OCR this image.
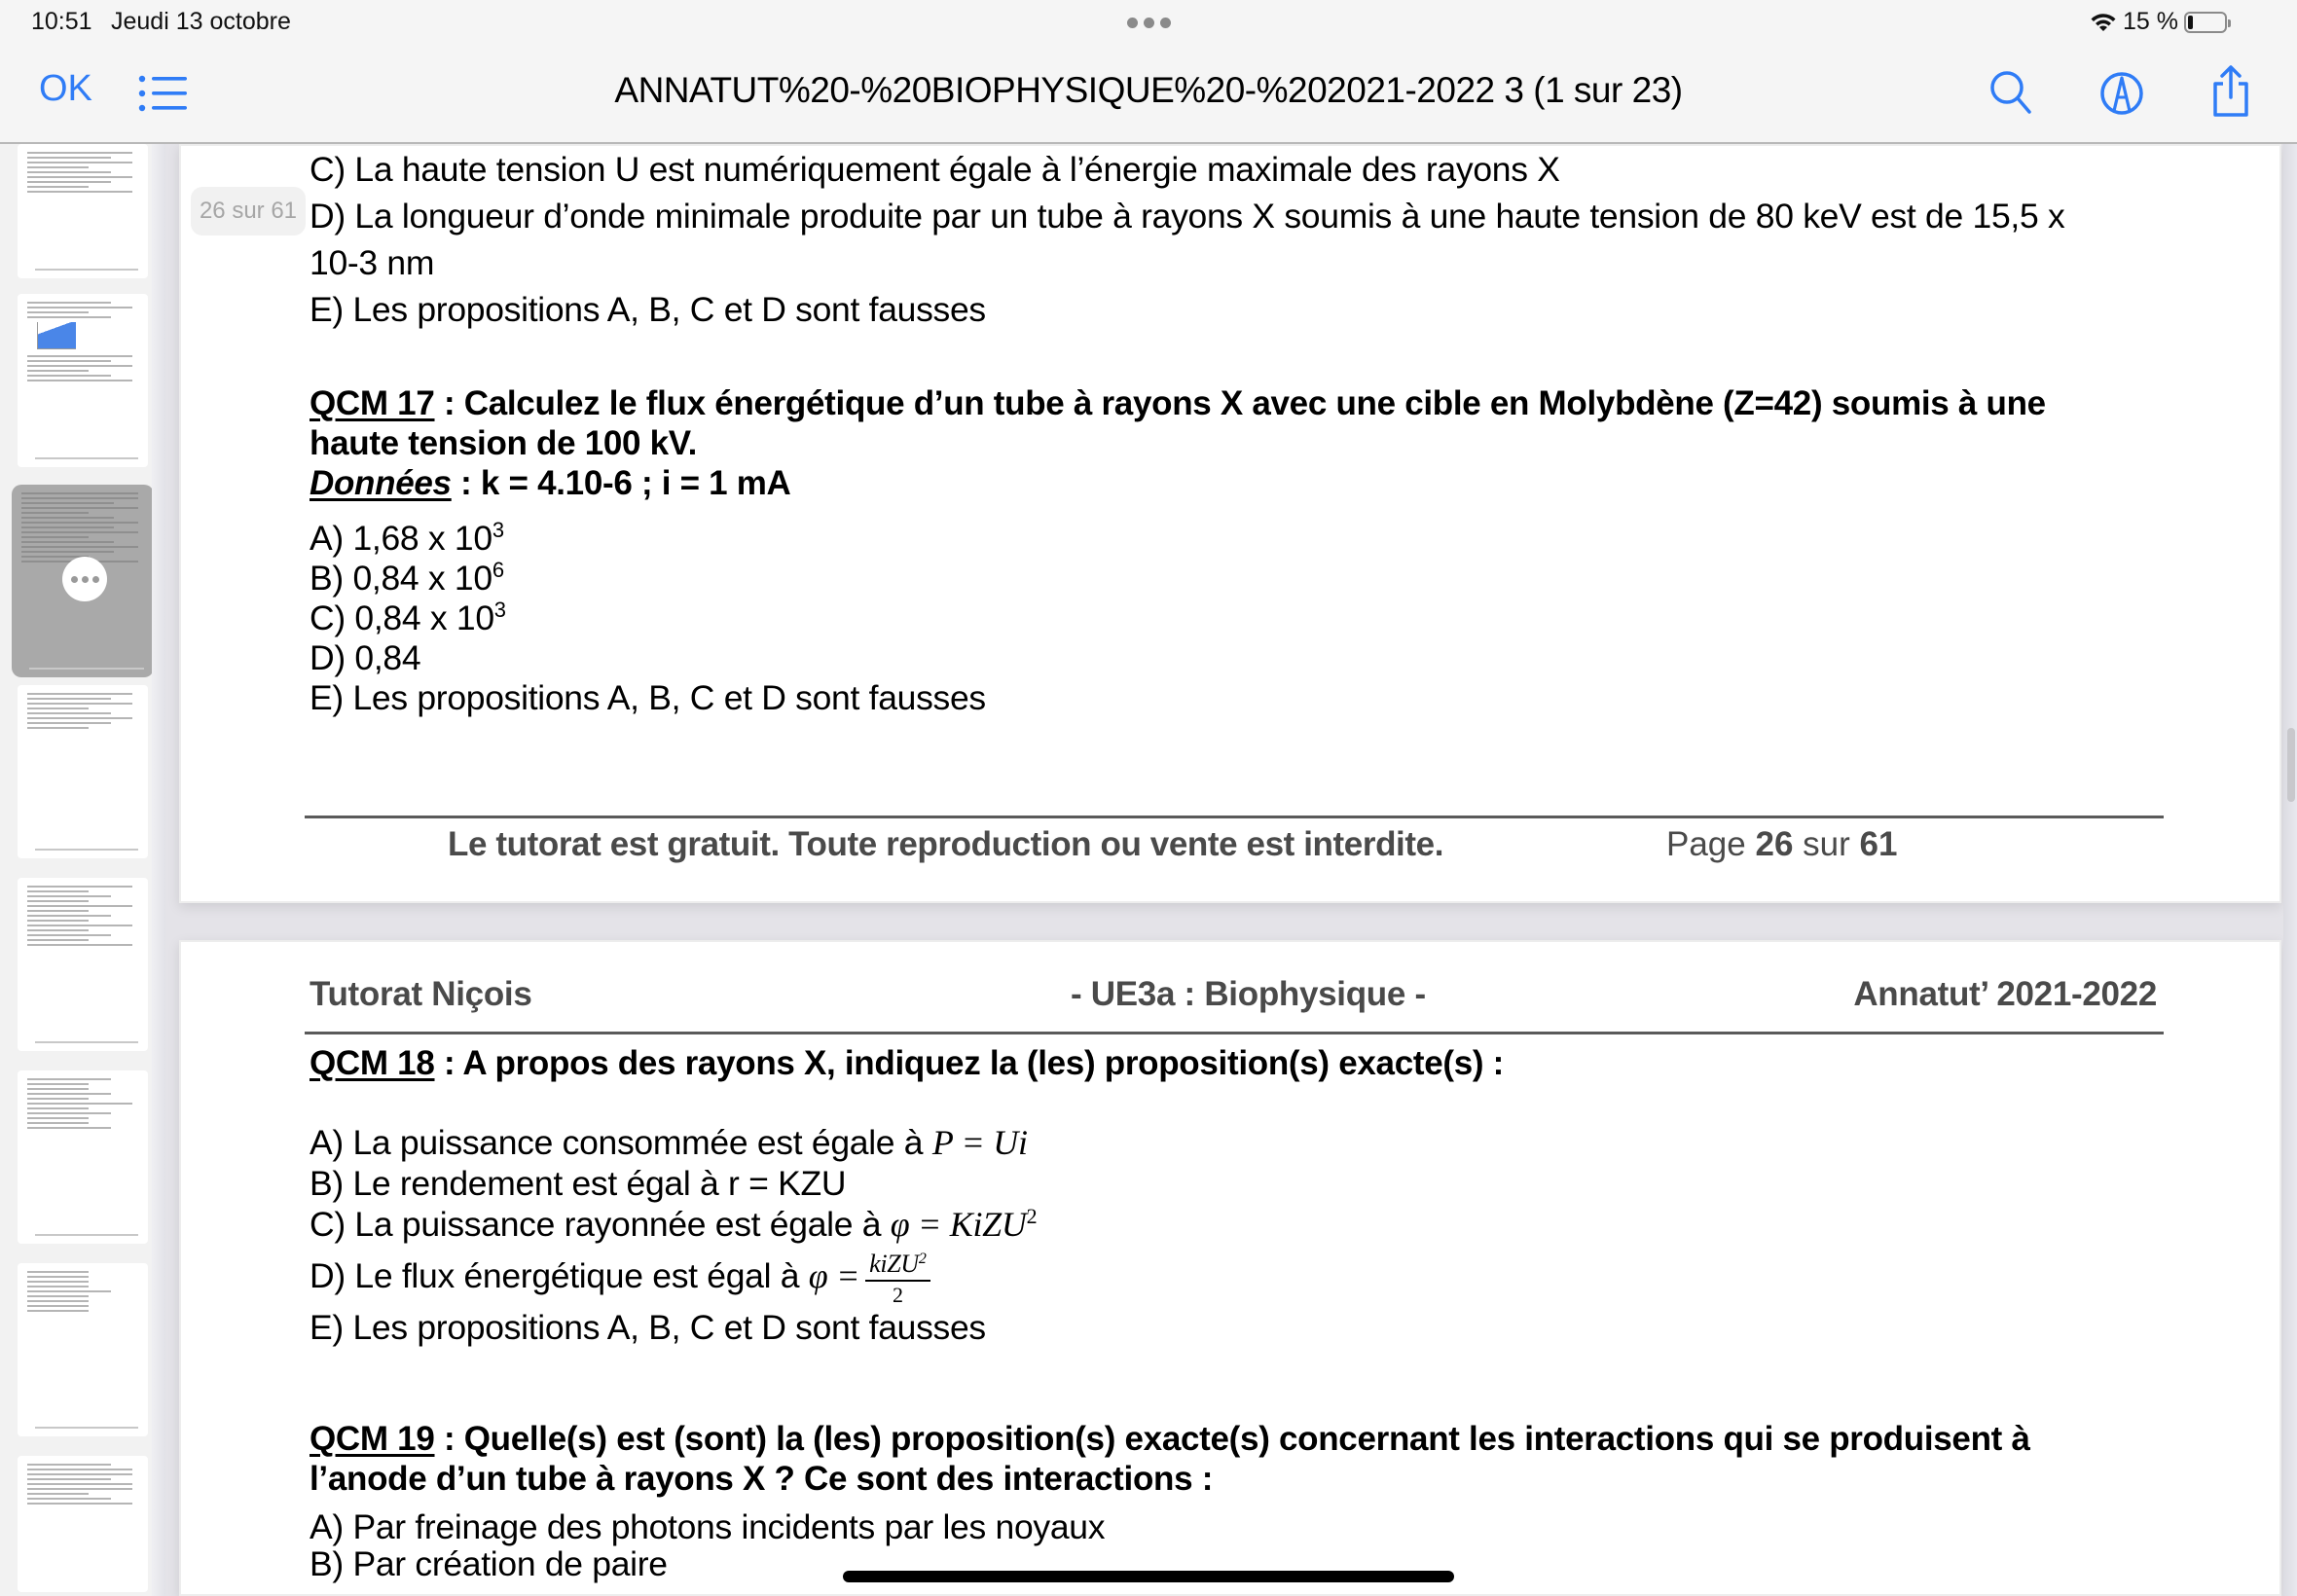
10:51 Jeudi 13 octobre	15 %
OK	ANNATUT%20-%20BIOPHYSIQUE%20-%202021-2022 3 (1 sur 23)
C) La haute tension U est numériquement égale à l’énergie maximale des rayons X
D) La longueur d’onde minimale produite par un tube à rayons X soumis à une haute tension de 80 keV est de 15,5 x
10-3 nm
E) Les propositions A, B, C et D sont fausses
QCM 17 : Calculez le flux énergétique d’un tube à rayons X avec une cible en Molybdène (Z=42) soumis à une
haute tension de 100 kV.
Données : k = 4.10-6 ; i = 1 mA
A) 1,68 x $10^3$
B) 0,84 x $10^6$
C) 0,84 x $10^3$
D) 0,84
E) Les propositions A, B, C et D sont fausses
Le tutorat est gratuit. Toute reproduction ou vente est interdite.	Page 26 sur 61
Tutorat Niçois	- UE3a : Biophysique -	Annatut’ 2021-2022
QCM 18 : A propos des rayons X, indiquez la (les) proposition(s) exacte(s) :
A) La puissance consommée est égale à P = Ui
B) Le rendement est égal à r = KZU
C) La puissance rayonnée est égale à φ = KiZU$^2$
D) Le flux énergétique est égal à $\varphi = \frac{kiZU^2}{2}$
E) Les propositions A, B, C et D sont fausses
QCM 19 : Quelle(s) est (sont) la (les) proposition(s) exacte(s) concernant les interactions qui se produisent à
l’anode d’un tube à rayons X ? Ce sont des interactions :
A) Par freinage des photons incidents par les noyaux
B) Par création de paire
26 sur 61
